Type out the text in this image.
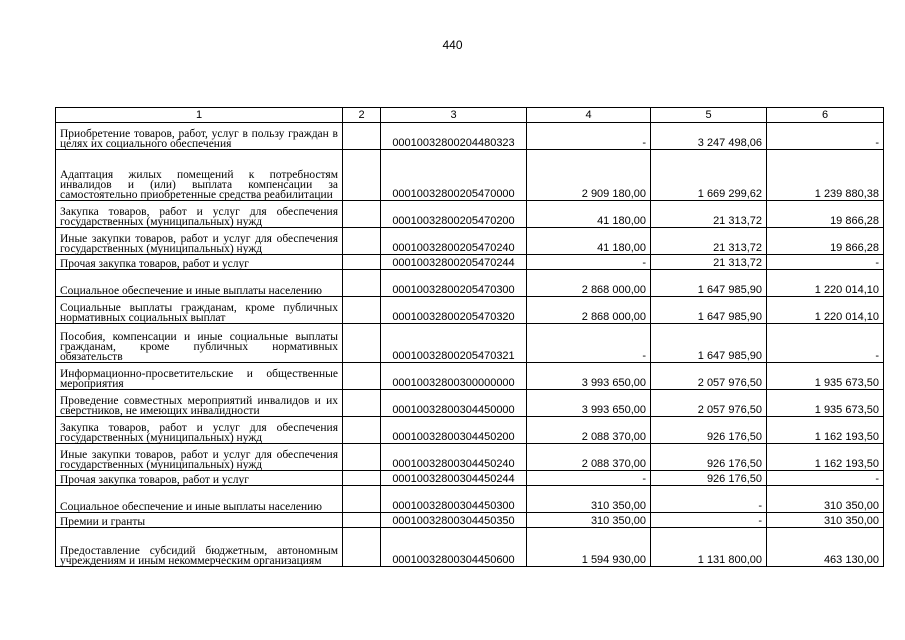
440
1	2	3	4	5	6
Приобретение товаров, работ, услуг в пользу граждан в целях их социального обеспечения		00010032800204480323	-	3 247 498,06	-
Адаптация жилых помещений к потребностям инвалидов и (или) выплата компенсации за самостоятельно приобретенные средства реабилитации		00010032800205470000	2 909 180,00	1 669 299,62	1 239 880,38
Закупка товаров, работ и услуг для обеспечения государственных (муниципальных) нужд		00010032800205470200	41 180,00	21 313,72	19 866,28
Иные закупки товаров, работ и услуг для обеспечения государственных (муниципальных) нужд		00010032800205470240	41 180,00	21 313,72	19 866,28
Прочая закупка товаров, работ и услуг		00010032800205470244	-	21 313,72	-
Социальное обеспечение и иные выплаты населению		00010032800205470300	2 868 000,00	1 647 985,90	1 220 014,10
Социальные выплаты гражданам, кроме публичных нормативных социальных выплат		00010032800205470320	2 868 000,00	1 647 985,90	1 220 014,10
Пособия, компенсации и иные социальные выплаты гражданам, кроме публичных нормативных обязательств		00010032800205470321	-	1 647 985,90	-
Информационно-просветительские и общественные мероприятия		00010032800300000000	3 993 650,00	2 057 976,50	1 935 673,50
Проведение совместных мероприятий инвалидов и их сверстников, не имеющих инвалидности		00010032800304450000	3 993 650,00	2 057 976,50	1 935 673,50
Закупка товаров, работ и услуг для обеспечения государственных (муниципальных) нужд		00010032800304450200	2 088 370,00	926 176,50	1 162 193,50
Иные закупки товаров, работ и услуг для обеспечения государственных (муниципальных) нужд		00010032800304450240	2 088 370,00	926 176,50	1 162 193,50
Прочая закупка товаров, работ и услуг		00010032800304450244	-	926 176,50	-
Социальное обеспечение и иные выплаты населению		00010032800304450300	310 350,00	-	310 350,00
Премии и гранты		00010032800304450350	310 350,00	-	310 350,00
Предоставление субсидий бюджетным, автономным учреждениям и иным некоммерческим организациям		00010032800304450600	1 594 930,00	1 131 800,00	463 130,00
